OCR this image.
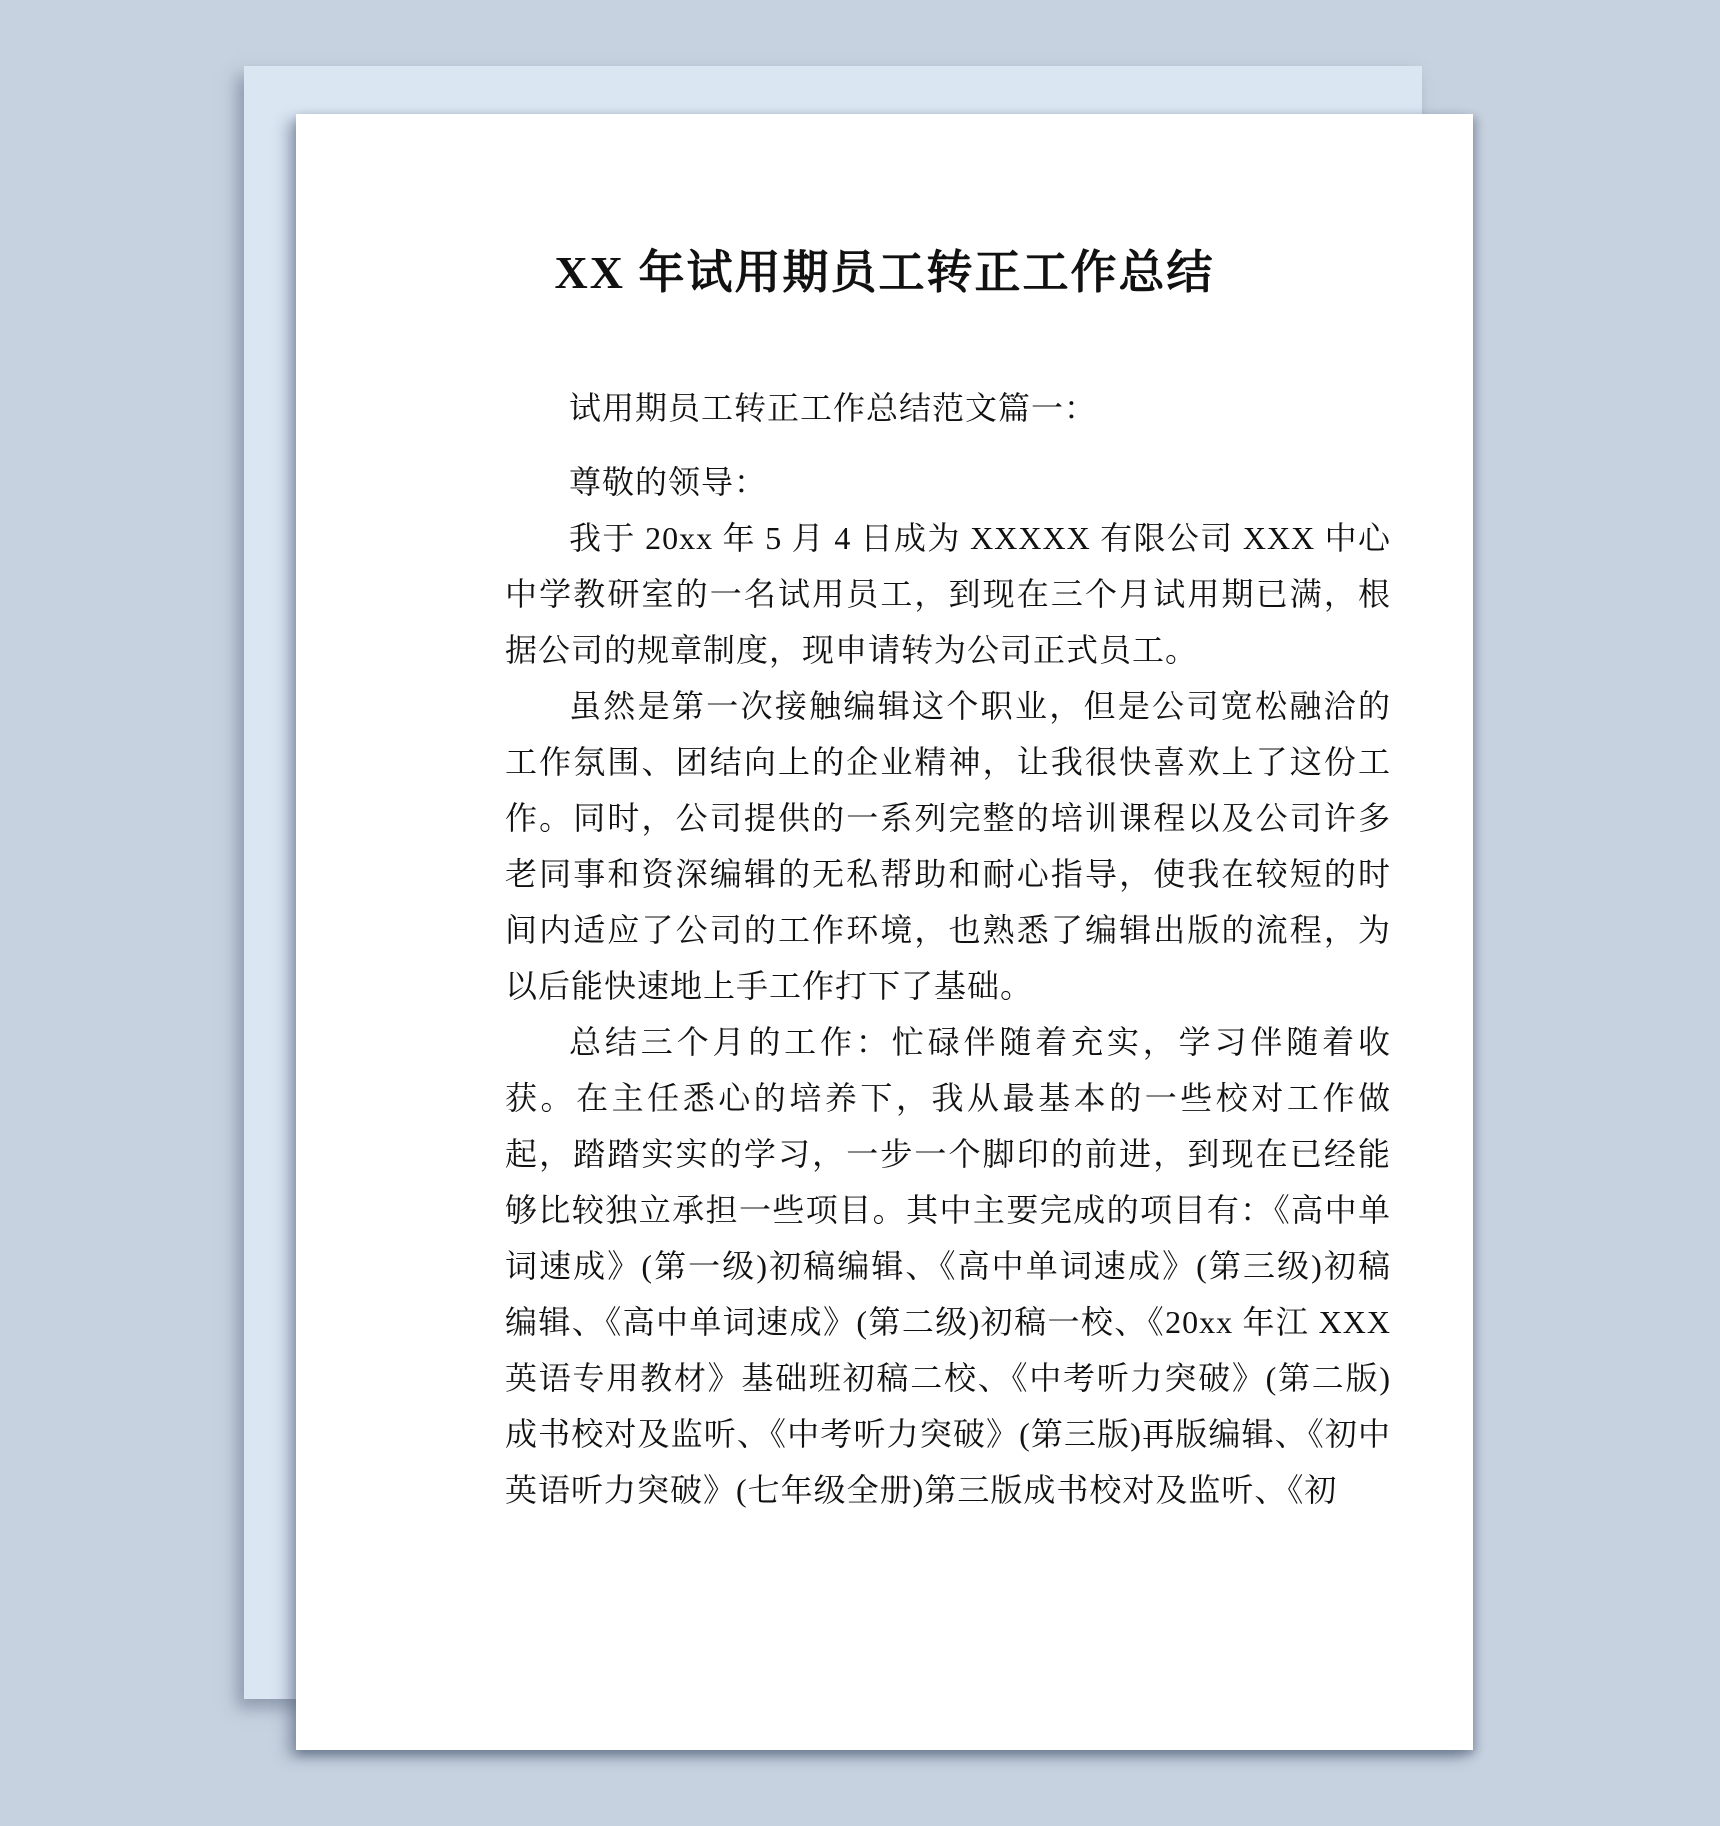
XX 年试用期员工转正工作总结

试用期员工转正工作总结范文篇一：

尊敬的领导：

我于 20xx 年 5 月 4 日成为 XXXXX 有限公司 XXX 中心中学教研室的一名试用员工，到现在三个月试用期已满，根据公司的规章制度，现申请转为公司正式员工。

虽然是第一次接触编辑这个职业，但是公司宽松融洽的工作氛围、团结向上的企业精神，让我很快喜欢上了这份工作。同时，公司提供的一系列完整的培训课程以及公司许多老同事和资深编辑的无私帮助和耐心指导，使我在较短的时间内适应了公司的工作环境，也熟悉了编辑出版的流程，为以后能快速地上手工作打下了基础。

总结三个月的工作：忙碌伴随着充实，学习伴随着收获。在主任悉心的培养下，我从最基本的一些校对工作做起，踏踏实实的学习，一步一个脚印的前进，到现在已经能够比较独立承担一些项目。其中主要完成的项目有：《高中单词速成》(第一级)初稿编辑、《高中单词速成》(第三级)初稿编辑、《高中单词速成》(第二级)初稿一校、《20xx 年江 XXX 英语专用教材》基础班初稿二校、《中考听力突破》(第二版)成书校对及监听、《中考听力突破》(第三版)再版编辑、《初中英语听力突破》(七年级全册)第三版成书校对及监听、《初
